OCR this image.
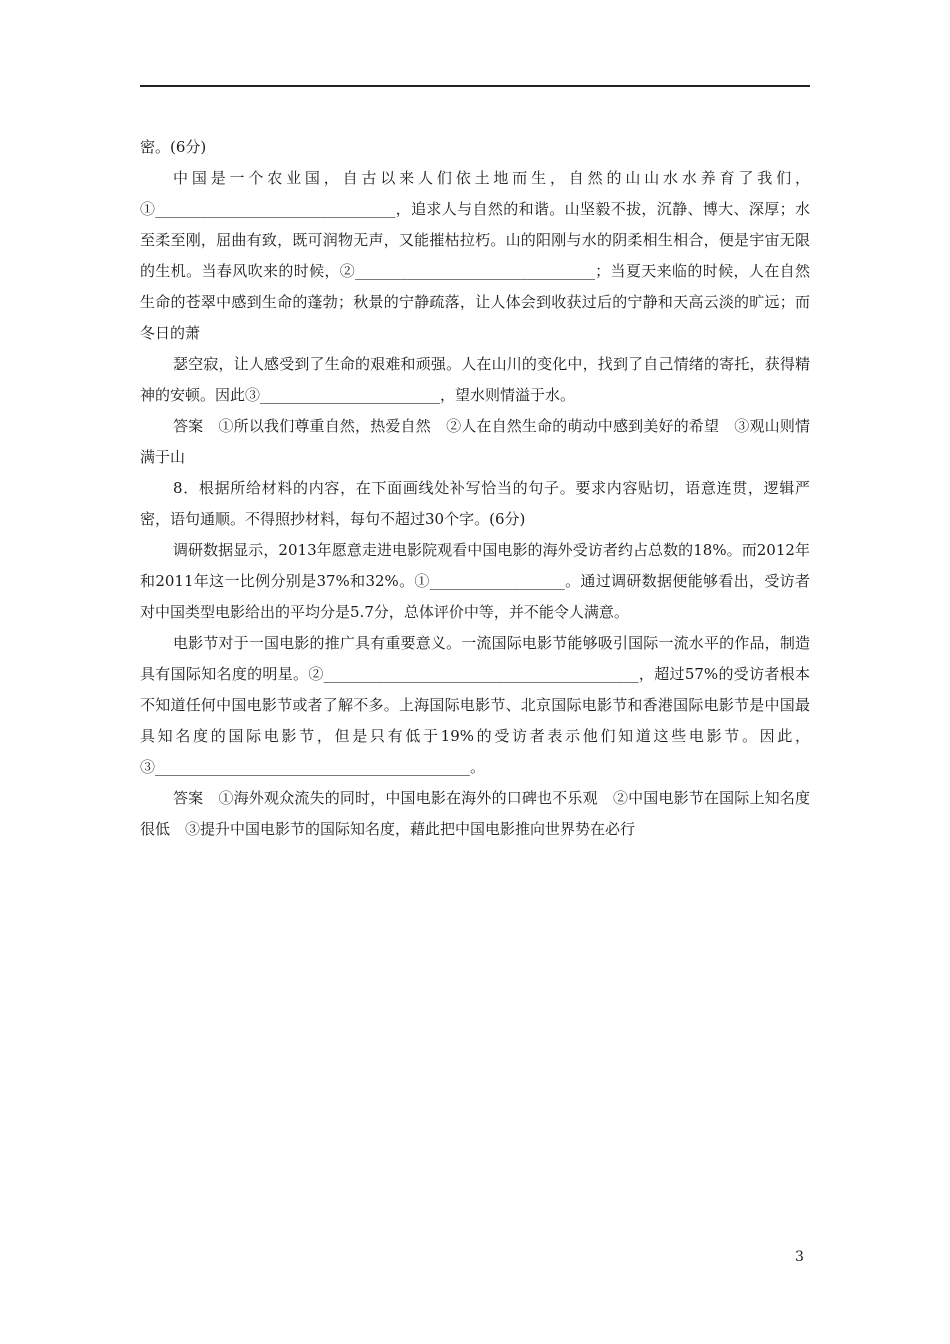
密。(6分)

中国是一个农业国，自古以来人们依土地而生，自然的山山水水养育了我们，①________________________________，追求人与自然的和谐。山坚毅不拔，沉静、博大、深厚；水至柔至刚，屈曲有致，既可润物无声，又能摧枯拉朽。山的阳刚与水的阴柔相生相合，便是宇宙无限的生机。当春风吹来的时候，②________________________________；当夏天来临的时候，人在自然生命的苍翠中感到生命的蓬勃；秋景的宁静疏落，让人体会到收获过后的宁静和天高云淡的旷远；而冬日的萧

瑟空寂，让人感受到了生命的艰难和顽强。人在山川的变化中，找到了自己情绪的寄托，获得精神的安顿。因此③________________________，望水则情溢于水。

答案　①所以我们尊重自然，热爱自然　②人在自然生命的萌动中感到美好的希望　③观山则情满于山

8．根据所给材料的内容，在下面画线处补写恰当的句子。要求内容贴切，语意连贯，逻辑严密，语句通顺。不得照抄材料，每句不超过30个字。(6分)

调研数据显示，2013年愿意走进电影院观看中国电影的海外受访者约占总数的18%。而2012年和2011年这一比例分别是37%和32%。①__________________。通过调研数据便能够看出，受访者对中国类型电影给出的平均分是5.7分，总体评价中等，并不能令人满意。

电影节对于一国电影的推广具有重要意义。一流国际电影节能够吸引国际一流水平的作品，制造具有国际知名度的明星。②__________________________________________，超过57%的受访者根本不知道任何中国电影节或者了解不多。上海国际电影节、北京国际电影节和香港国际电影节是中国最具知名度的国际电影节，但是只有低于19%的受访者表示他们知道这些电影节。因此，③__________________________________________。

答案　①海外观众流失的同时，中国电影在海外的口碑也不乐观　②中国电影节在国际上知名度很低　③提升中国电影节的国际知名度，藉此把中国电影推向世界势在必行

3
